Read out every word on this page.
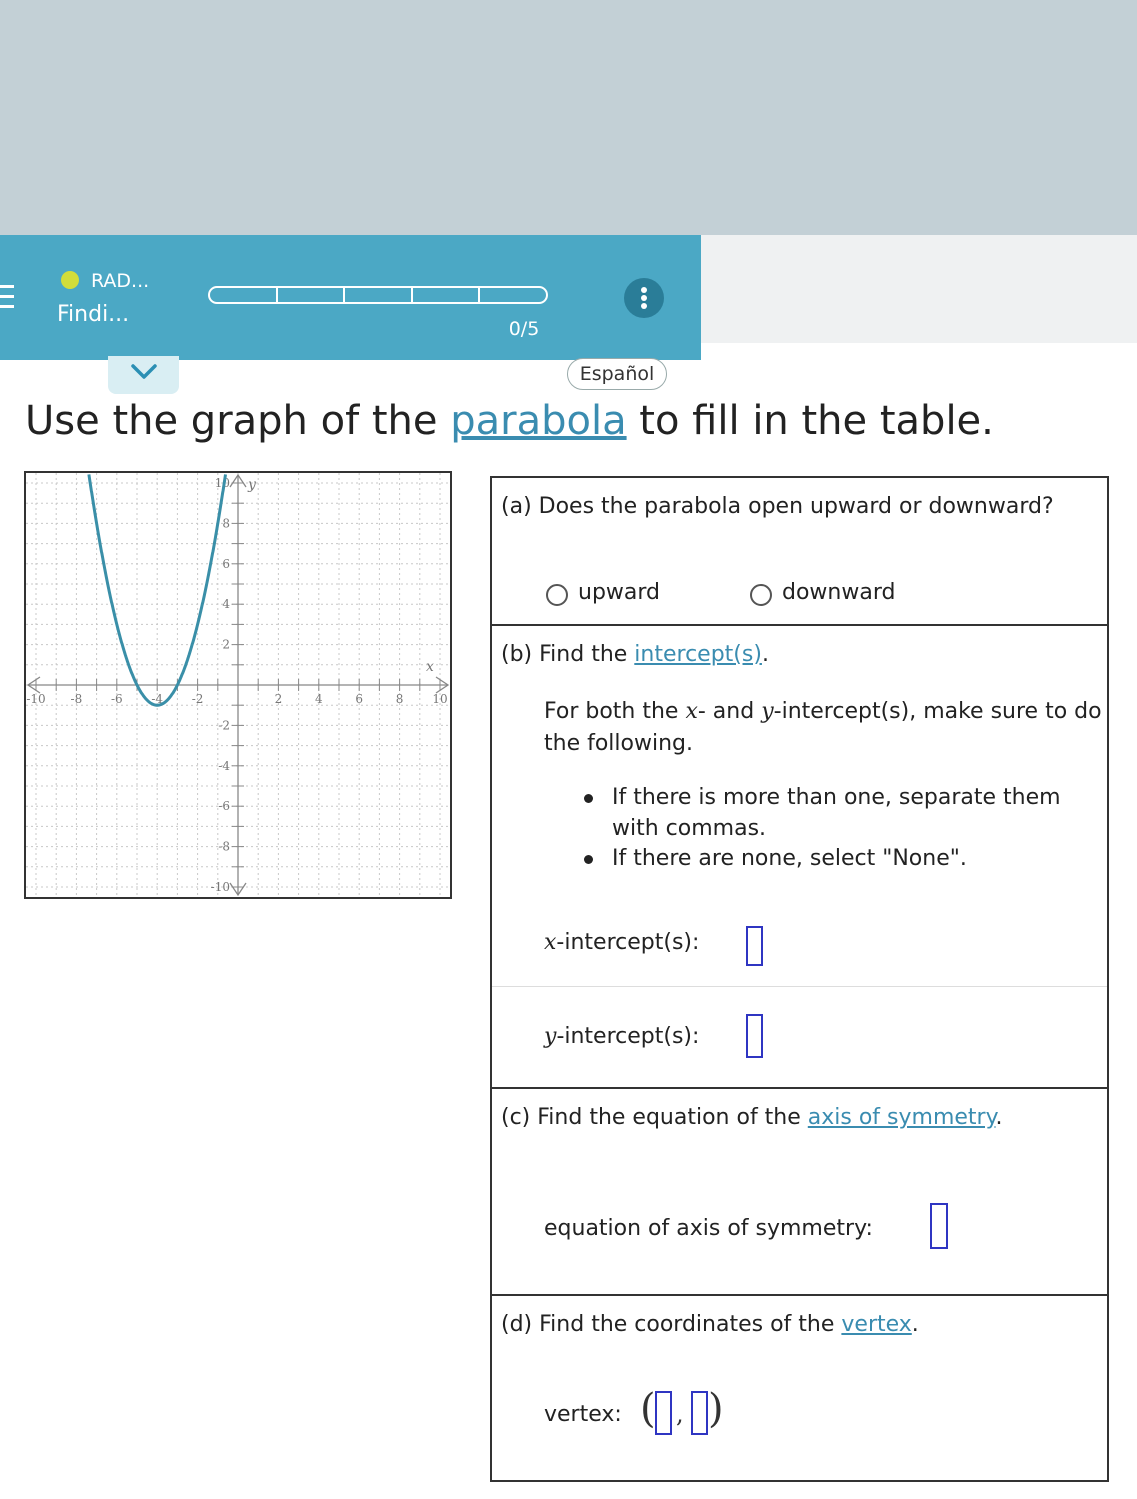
RAD...
Findi...
0/5
Español
Use the graph of the parabola to fill in the table.
-10 -8 -6 -4 -2	2	4	6	8 10
10
8
6
4
2
-2
-4
-6
-8
-10
x
y
(a) Does the parabola open upward or downward?
upward	downward
(b) Find the intercept(s).
For both the x- and y-intercept(s), make sure to do the following.
If there is more than one, separate them
with commas.
If there are none, select "None".
x-intercept(s):
y-intercept(s):
(c) Find the equation of the axis of symmetry.
equation of axis of symmetry:
(d) Find the coordinates of the vertex.
vertex: ( , )
